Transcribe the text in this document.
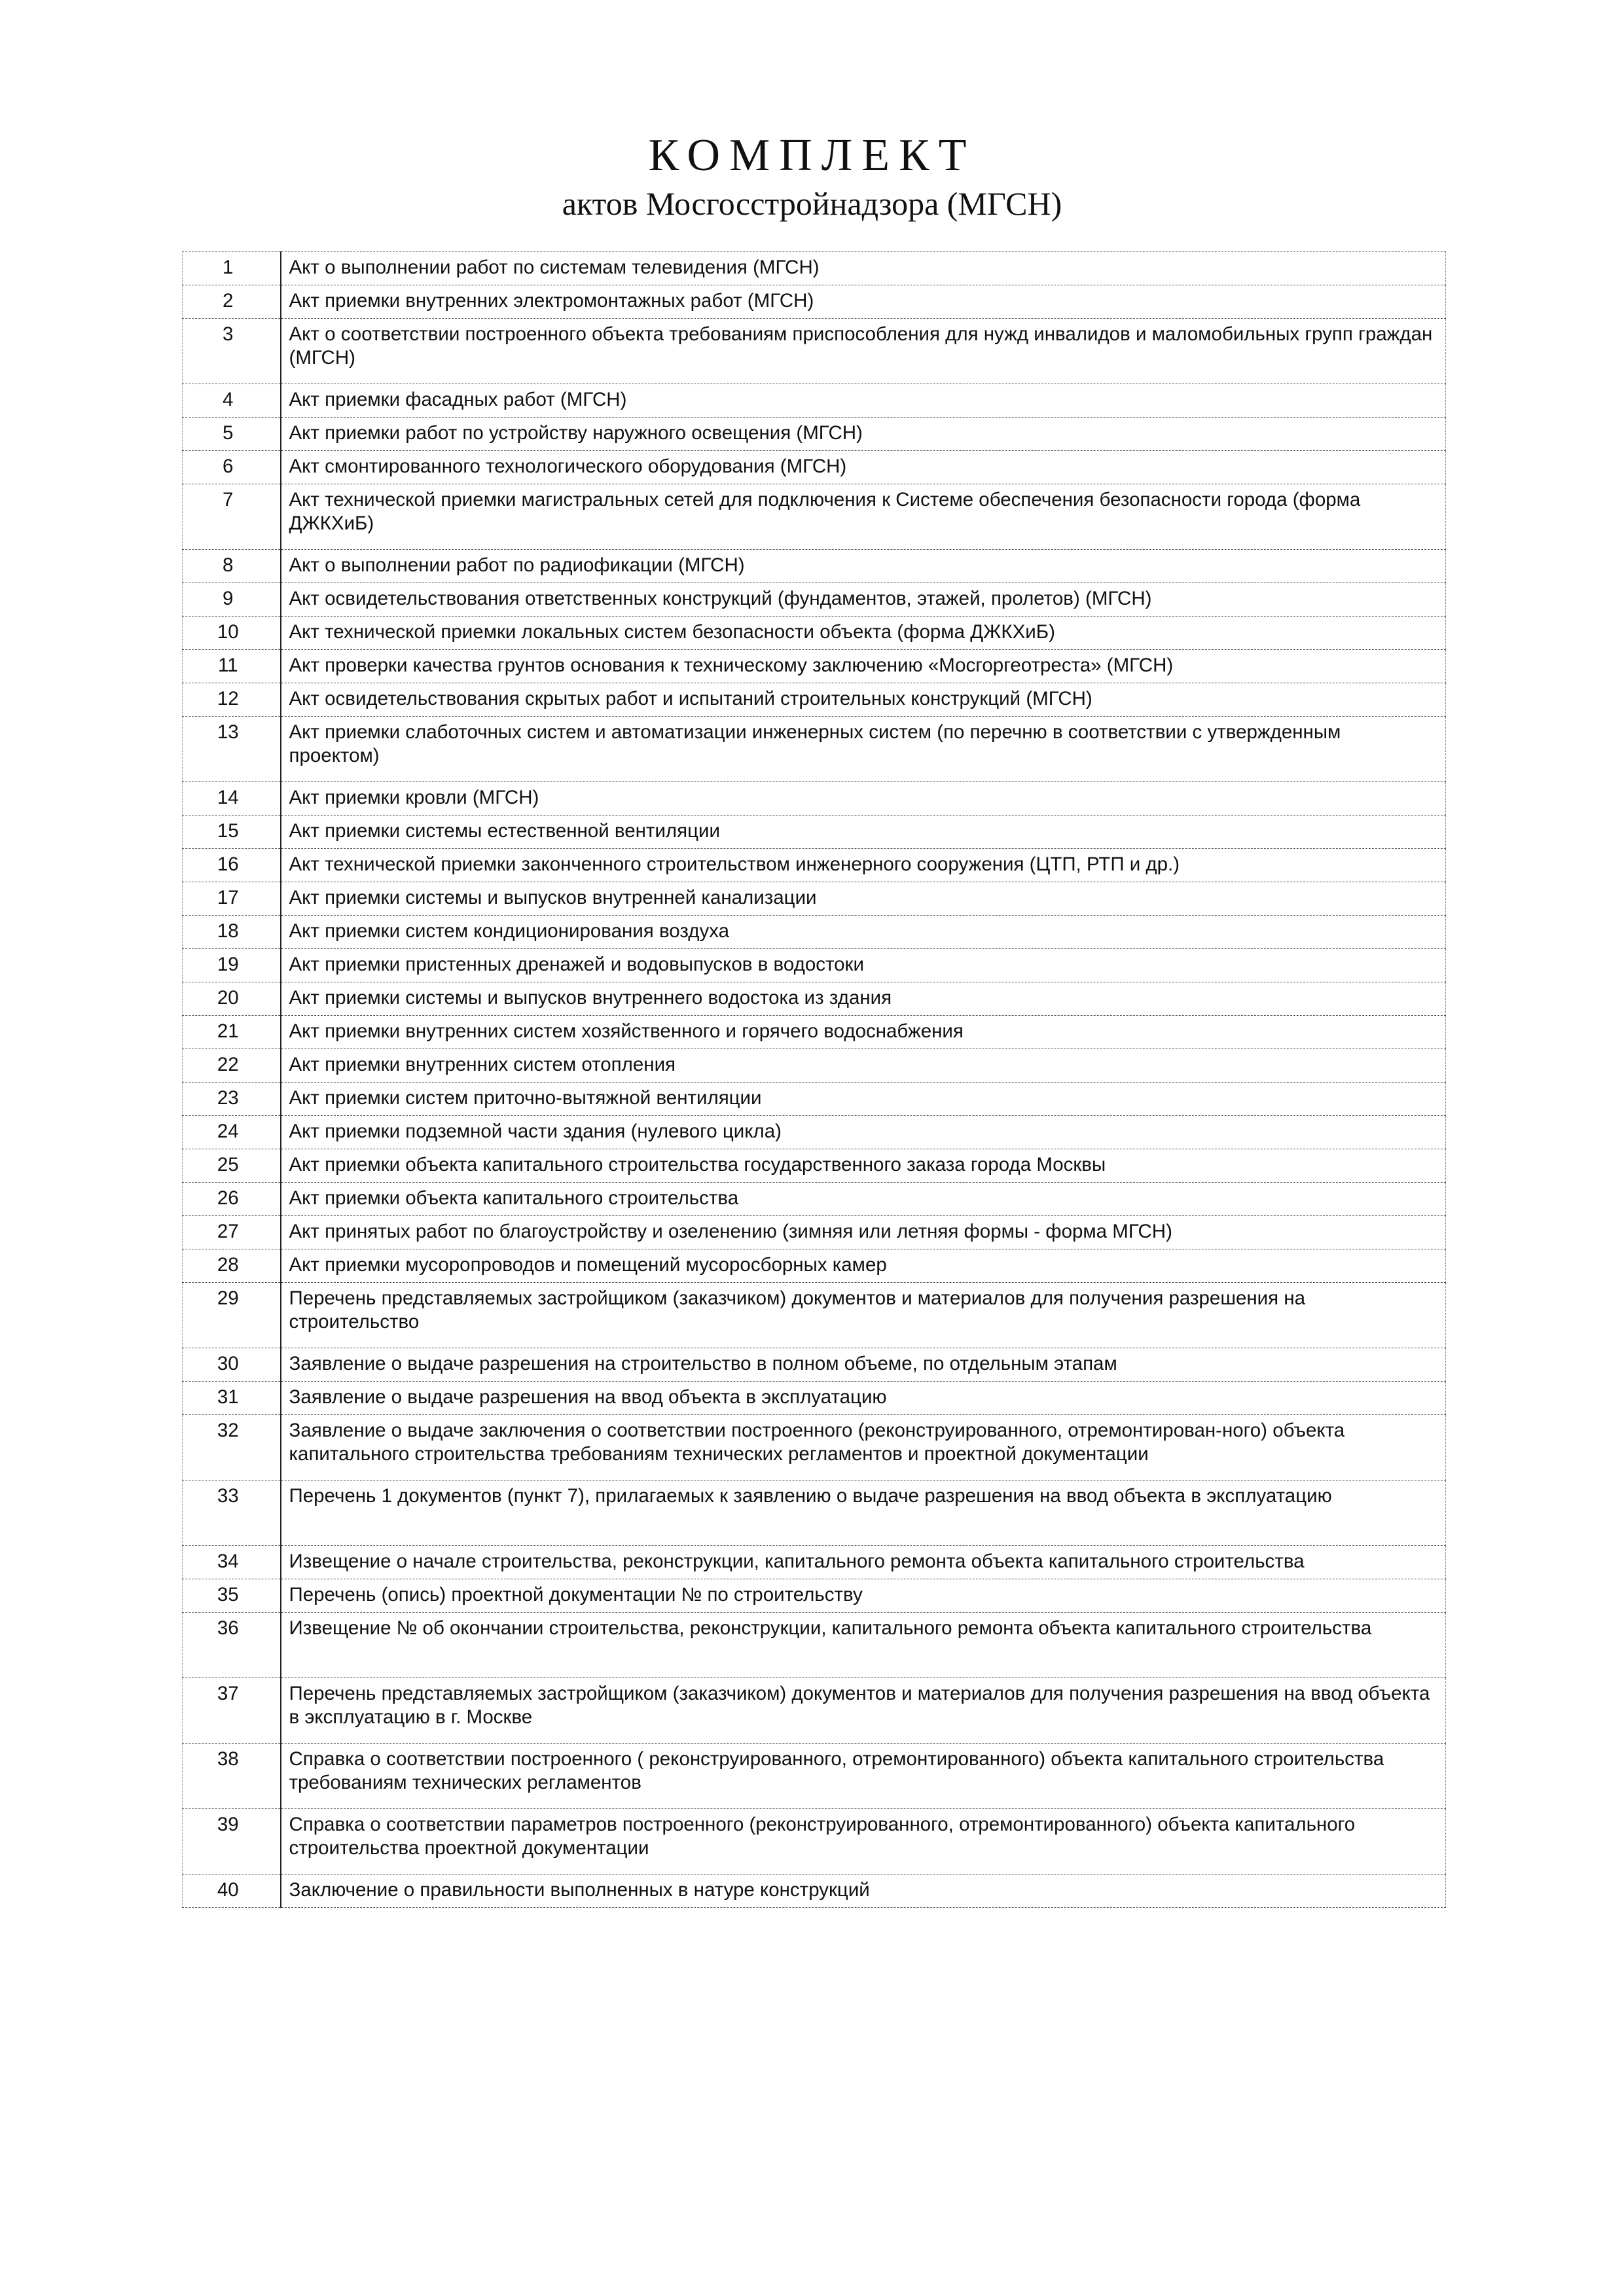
КОМПЛЕКТ
актов Мосгосстройнадзора (МГСН)
1	Акт о выполнении работ по системам телевидения (МГСН)
2	Акт приемки внутренних электромонтажных работ (МГСН)
3	Акт о соответствии построенного объекта требованиям приспособления для нужд инвалидов и маломобильных групп граждан (МГСН)
4	Акт приемки фасадных работ (МГСН)
5	Акт приемки работ по устройству наружного освещения (МГСН)
6	Акт смонтированного технологического оборудования (МГСН)
7	Акт технической приемки магистральных сетей для подключения к Системе обеспечения безопасности города (форма ДЖКХиБ)
8	Акт о выполнении работ по радиофикации (МГСН)
9	Акт освидетельствования ответственных конструкций (фундаментов, этажей, пролетов) (МГСН)
10	Акт технической приемки локальных систем безопасности объекта (форма ДЖКХиБ)
11	Акт проверки качества грунтов основания к техническому заключению «Мосгоргеотреста» (МГСН)
12	Акт освидетельствования скрытых работ и испытаний строительных конструкций (МГСН)
13	Акт приемки слаботочных систем и автоматизации инженерных систем (по перечню в соответствии с утвержденным проектом)
14	Акт приемки кровли (МГСН)
15	Акт приемки системы естественной вентиляции
16	Акт технической приемки законченного строительством инженерного сооружения (ЦТП, РТП и др.)
17	Акт приемки системы и выпусков внутренней канализации
18	Акт приемки систем кондиционирования воздуха
19	Акт приемки пристенных дренажей и водовыпусков в водостоки
20	Акт приемки системы и выпусков внутреннего водостока из здания
21	Акт приемки внутренних систем хозяйственного и горячего водоснабжения
22	Акт приемки внутренних систем отопления
23	Акт приемки систем приточно-вытяжной вентиляции
24	Акт приемки подземной части здания (нулевого цикла)
25	Акт приемки объекта капитального строительства государственного заказа города Москвы
26	Акт приемки объекта капитального строительства
27	Акт принятых работ по благоустройству и озеленению (зимняя или летняя формы - форма МГСН)
28	Акт приемки мусоропроводов и помещений мусоросборных камер
29	Перечень представляемых застройщиком (заказчиком) документов и материалов для получения разрешения на строительство
30	Заявление о выдаче разрешения на строительство в полном объеме, по отдельным этапам
31	Заявление о выдаче разрешения на ввод объекта в эксплуатацию
32	Заявление о выдаче заключения о соответствии построенного (реконструированного, отремонтирован-ного) объекта капитального строительства требованиям технических регламентов и проектной документации
33	Перечень 1 документов (пункт 7), прилагаемых к заявлению о выдаче разрешения на ввод объекта в эксплуатацию
34	Извещение о начале строительства, реконструкции, капитального ремонта объекта капитального строительства
35	Перечень (опись) проектной документации № по строительству
36	Извещение № об окончании строительства, реконструкции, капитального ремонта объекта капитального строительства
37	Перечень представляемых застройщиком (заказчиком) документов и материалов для получения разрешения на ввод объекта в эксплуатацию в г. Москве
38	Справка о соответствии построенного ( реконструированного, отремонтированного) объекта капитального строительства требованиям технических регламентов
39	Справка о соответствии параметров построенного (реконструированного, отремонтированного) объекта капитального строительства проектной документации
40	Заключение о правильности выполненных в натуре конструкций
